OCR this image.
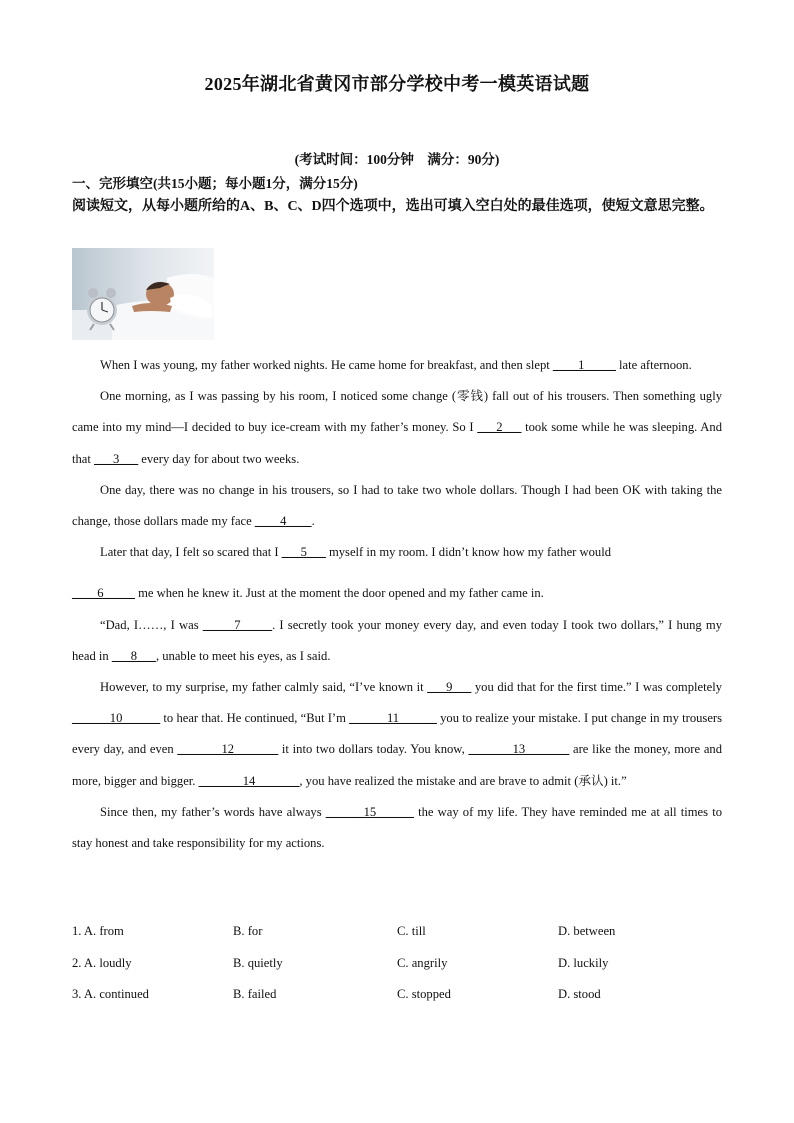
2025年湖北省黄冈市部分学校中考一模英语试题
(考试时间：100分钟　满分：90分)
一、完形填空(共15小题；每小题1分，满分15分)
阅读短文，从每小题所给的A、B、C、D四个选项中，选出可填入空白处的最佳选项，使短文意思完整。

When I was young, my father worked nights. He came home for breakfast, and then slept ____1_____ late afternoon.

One morning, as I was passing by his room, I noticed some change (零钱) fall out of his trousers. Then something ugly came into my mind—I decided to buy ice-cream with my father’s money. So I ___2___ took some while he was sleeping. And that ___3___ every day for about two weeks.

One day, there was no change in his trousers, so I had to take two whole dollars. Though I had been OK with taking the change, those dollars made my face ____4____.

Later that day, I felt so scared that I ___5___ myself in my room. I didn’t know how my father would

____6_____ me when he knew it. Just at the moment the door opened and my father came in.

“Dad, I……, I was _____7_____. I secretly took your money every day, and even today I took two dollars,” I hung my head in ___8___, unable to meet his eyes, as I said.

However, to my surprise, my father calmly said, “I’ve known it ___9___ you did that for the first time.” I was completely ______10______ to hear that. He continued, “But I’m ______11______ you to realize your mistake. I put change in my trousers every day, and even _______12_______ it into two dollars today. You know, _______13_______ are like the money, more and more, bigger and bigger. _______14_______, you have realized the mistake and are brave to admit (承认) it.”

Since then, my father’s words have always ______15______ the way of my life. They have reminded me at all times to stay honest and take responsibility for my actions.

1. A. from	B. for	C. till	D. between
2. A. loudly	B. quietly	C. angrily	D. luckily
3. A. continued	B. failed	C. stopped	D. stood
